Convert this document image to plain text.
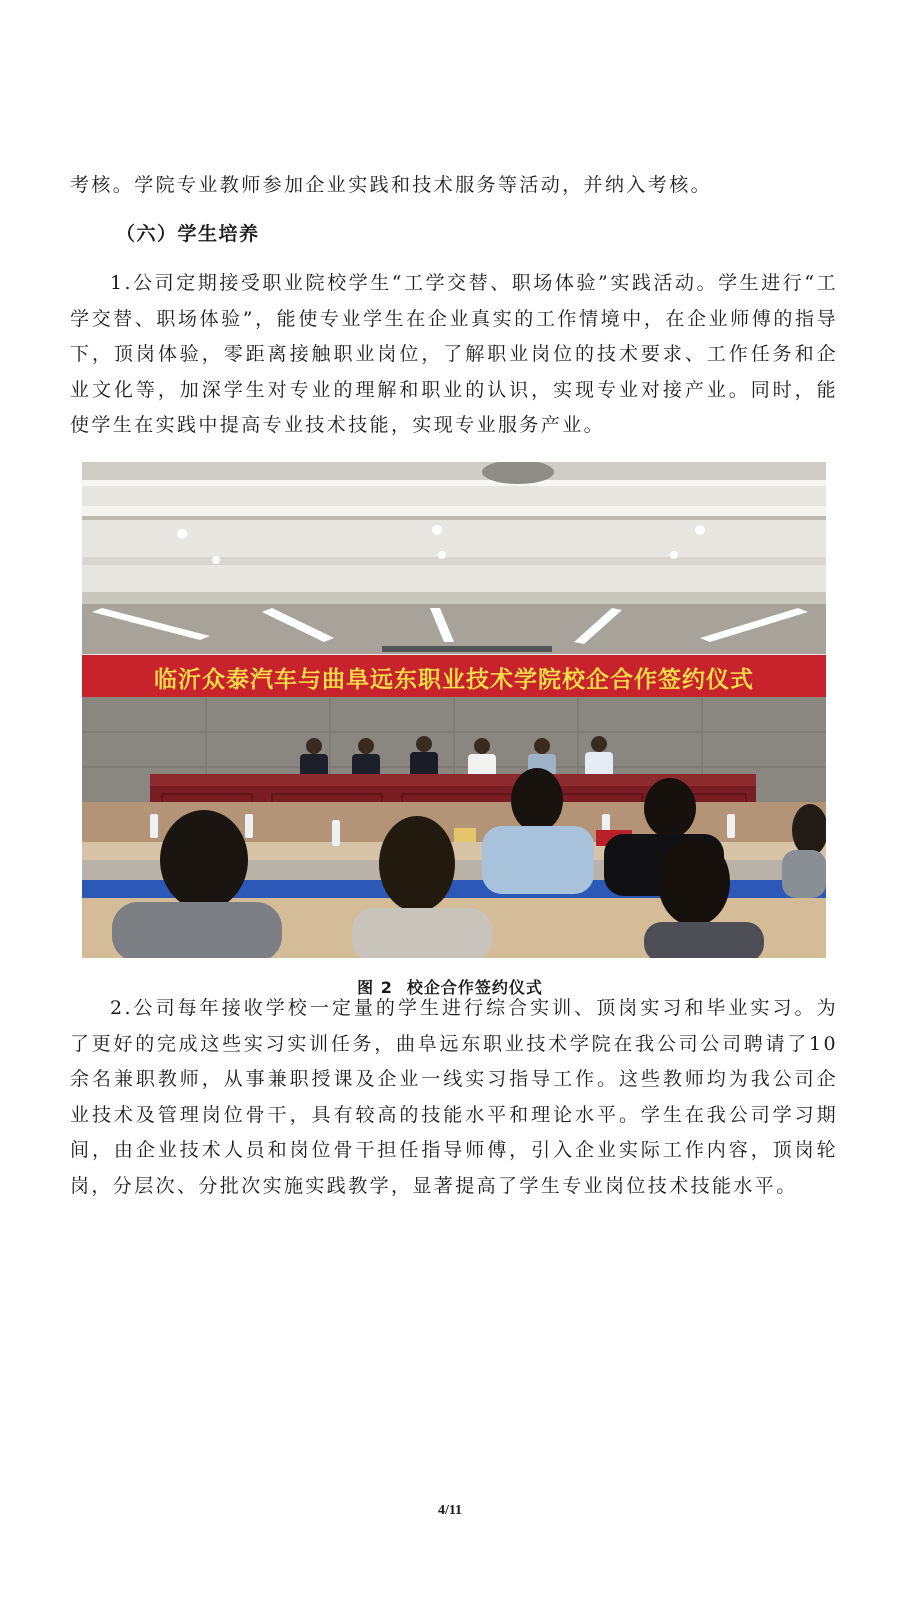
考核。学院专业教师参加企业实践和技术服务等活动，并纳入考核。

（六）学生培养

1.公司定期接受职业院校学生“工学交替、职场体验”实践活动。学生进行“工学交替、职场体验”，能使专业学生在企业真实的工作情境中，在企业师傅的指导下，顶岗体验，零距离接触职业岗位，了解职业岗位的技术要求、工作任务和企业文化等，加深学生对专业的理解和职业的认识，实现专业对接产业。同时，能使学生在实践中提高专业技术技能，实现专业服务产业。

临沂众泰汽车与曲阜远东职业技术学院校企合作签约仪式
图 2 校企合作签约仪式

2.公司每年接收学校一定量的学生进行综合实训、顶岗实习和毕业实习。为了更好的完成这些实习实训任务，曲阜远东职业技术学院在我公司公司聘请了10 余名兼职教师，从事兼职授课及企业一线实习指导工作。这些教师均为我公司企业技术及管理岗位骨干，具有较高的技能水平和理论水平。学生在我公司学习期间，由企业技术人员和岗位骨干担任指导师傅，引入企业实际工作内容，顶岗轮岗，分层次、分批次实施实践教学，显著提高了学生专业岗位技术技能水平。

4/11
